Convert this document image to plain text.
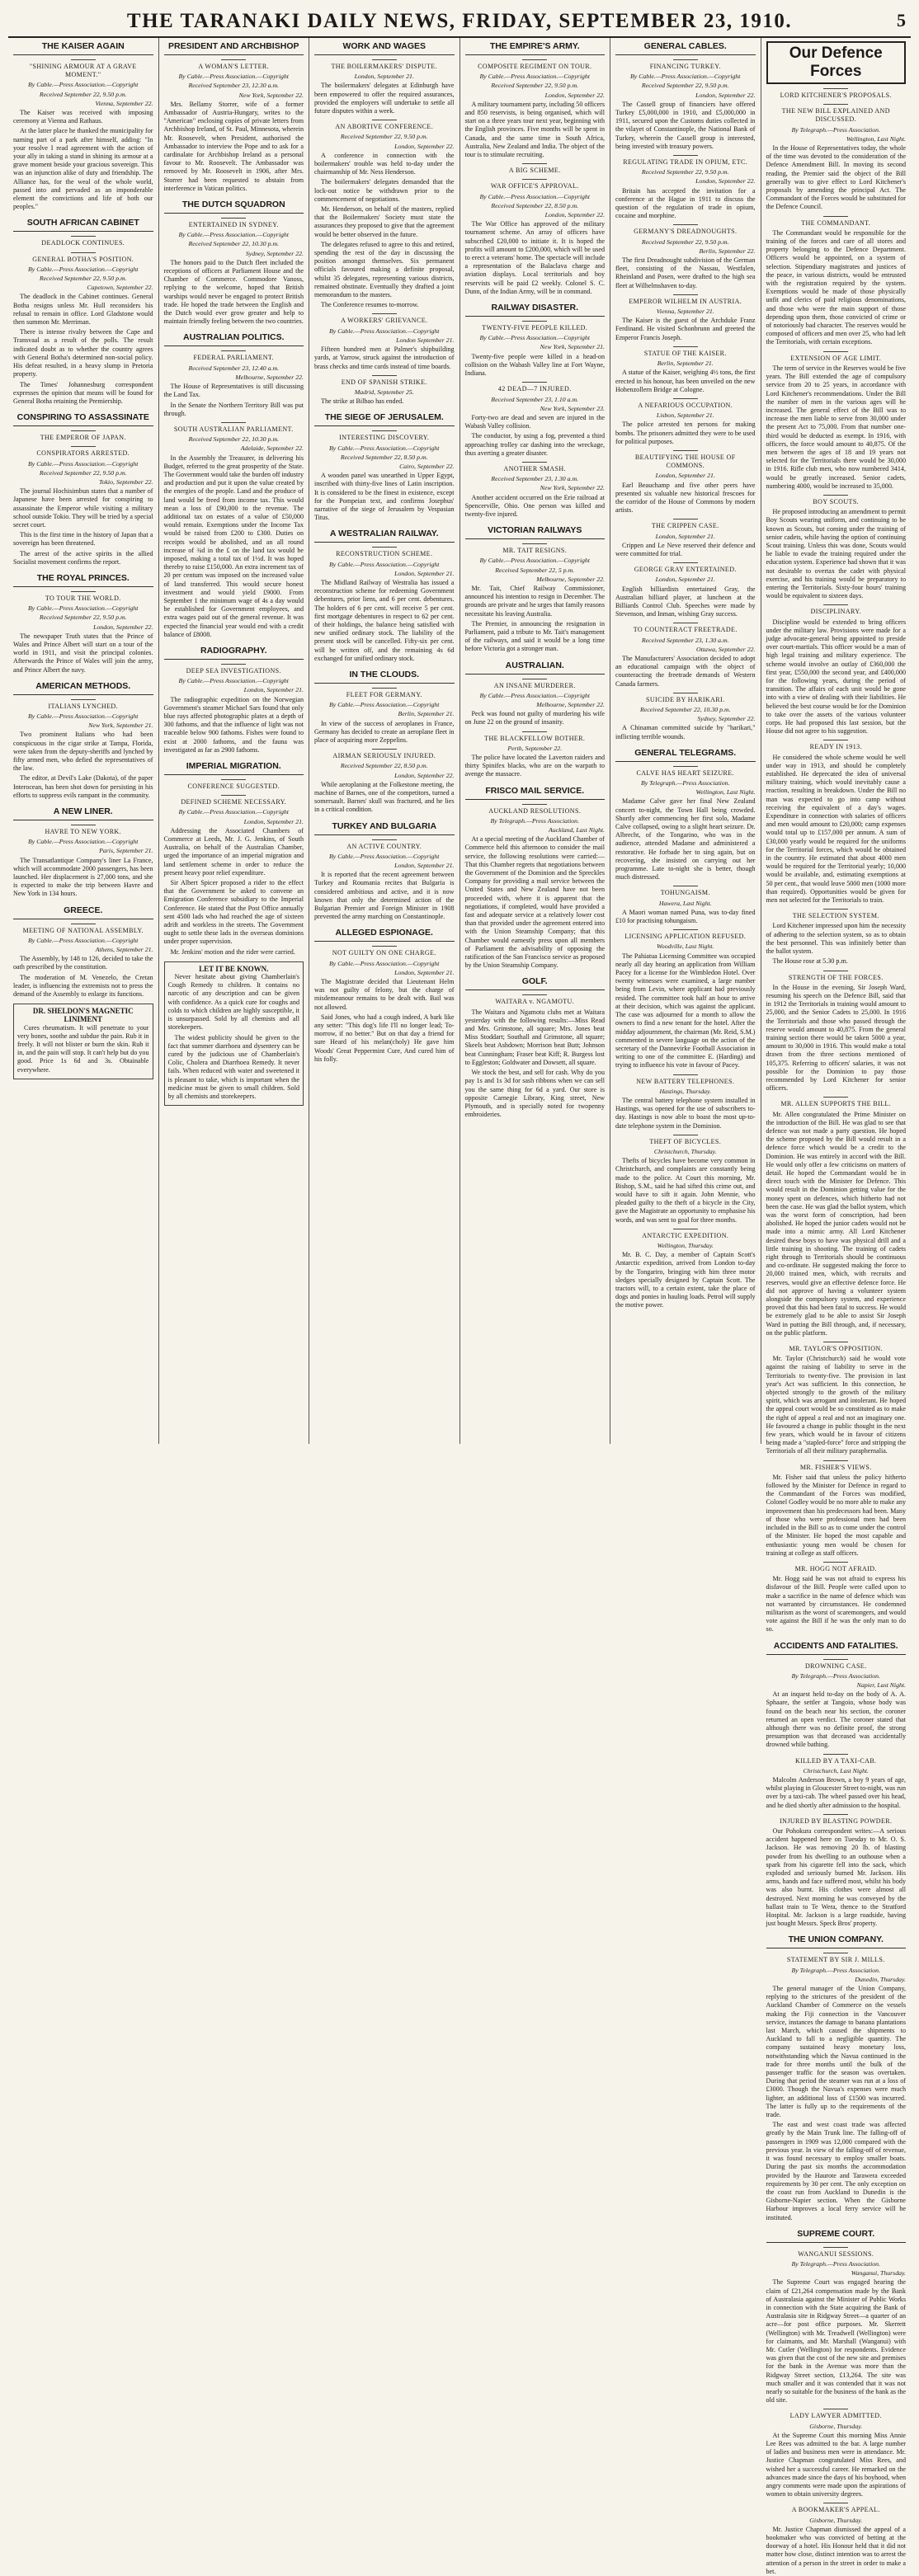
THE TARANAKI DAILY NEWS, FRIDAY, SEPTEMBER 23, 1910.	5
THE KAISER AGAIN
"SHINING ARMOUR AT A GRAVE MOMENT."
By Cable.—Press Association.—Copyright
Received September 22, 9.50 p.m.
Vienna, September 22.

The Kaiser was received with imposing ceremony at Vienna and Rathaus.

At the latter place he thanked the municipality for naming part of a park after himself, adding: "In your resolve I read agreement with the action of your ally in taking a stand in shining its armour at a grave moment beside your gracious sovereign. This was an injunction alike of duty and friendship. The Alliance has, for the weal of the whole world, passed into and pervaded as an imponderable element the convictions and life of both our peoples."

SOUTH AFRICAN CABINET
DEADLOCK CONTINUES.
GENERAL BOTHA'S POSITION.
By Cable.—Press Association.—Copyright
Received September 22, 9.50 p.m.
Capetown, September 22.

The deadlock in the Cabinet continues. General Botha resigns unless Mr. Hull reconsiders his refusal to remain in office. Lord Gladstone would then summon Mr. Merriman.

There is intense rivalry between the Cape and Transvaal as a result of the polls. The result indicated doubt as to whether the country agrees with General Botha's determined non-social policy. His defeat resulted, in a heavy slump in Pretoria property.

The Times' Johannesburg correspondent expresses the opinion that means will be found for General Botha retaining the Premiership.

CONSPIRING TO ASSASSINATE
THE EMPEROR OF JAPAN.
CONSPIRATORS ARRESTED.
By Cable.—Press Association.—Copyright
Received September 22, 9.50 p.m.
Tokio, September 22.

The journal Hochisimbun states that a number of Japanese have been arrested for conspiring to assassinate the Emperor while visiting a military school outside Tokio. They will be tried by a special secret court.

This is the first time in the history of Japan that a sovereign has been threatened.

The arrest of the active spirits in the allied Socialist movement confirms the report.

THE ROYAL PRINCES.
TO TOUR THE WORLD.
By Cable.—Press Association.—Copyright
Received September 22, 9.50 p.m.
London, September 22.

The newspaper Truth states that the Prince of Wales and Prince Albert will start on a tour of the world in 1911, and visit the principal colonies. Afterwards the Prince of Wales will join the army, and Prince Albert the navy.

AMERICAN METHODS.
ITALIANS LYNCHED.
By Cable.—Press Association.—Copyright
New York, September 21.

Two prominent Italians who had been conspicuous in the cigar strike at Tampa, Florida, were taken from the deputy-sheriffs and lynched by fifty armed men, who defied the representatives of the law.

The editor, at Devil's Lake (Dakota), of the paper Interocean, has been shot down for persisting in his efforts to suppress evils rampant in the community.

A NEW LINER.
HAVRE TO NEW YORK.
By Cable.—Press Association.—Copyright
Paris, September 21.

The Transatlantique Company's liner La France, which will accommodate 2000 passengers, has been launched. Her displacement is 27,000 tons, and she is expected to make the trip between Havre and New York in 134 hours.

GREECE.
MEETING OF NATIONAL ASSEMBLY.
By Cable.—Press Association.—Copyright
Athens, September 21.

The Assembly, by 148 to 126, decided to take the oath prescribed by the constitution.

The moderation of M. Venezelo, the Cretan leader, is influencing the extremists not to press the demand of the Assembly to enlarge its functions.

DR. SHELDON'S MAGNETIC LINIMENT

Cures rheumatism. It will penetrate to your very bones, soothe and subdue the pain. Rub it in freely. It will not blister or burn the skin. Rub it in, and the pain will stop. It can't help but do you good. Price 1s 6d and 3s. Obtainable everywhere.

PRESIDENT AND ARCHBISHOP
A WOMAN'S LETTER.
By Cable.—Press Association.—Copyright
Received September 23, 12.30 a.m.
New York, September 22.

Mrs. Bellamy Storrer, wife of a former Ambassador of Austria-Hungary, writes to the "American" enclosing copies of private letters from Archbishop Ireland, of St. Paul, Minnesota, wherein Mr. Roosevelt, when President, authorised the Ambassador to interview the Pope and to ask for a cardinalate for Archbishop Ireland as a personal favour to Mr. Roosevelt. The Ambassador was removed by Mr. Roosevelt in 1906, after Mrs. Storrer had been requested to abstain from interference in Vatican politics.

THE DUTCH SQUADRON
ENTERTAINED IN SYDNEY.
By Cable.—Press Association.—Copyright
Received September 22, 10.30 p.m.
Sydney, September 22.

The honors paid to the Dutch fleet included the receptions of officers at Parliament House and the Chamber of Commerce. Commodore Vanoss, replying to the welcome, hoped that British warships would never be engaged to protect British trade. He hoped the trade between the English and the Dutch would ever grow greater and help to maintain friendly feeling between the two countries.

AUSTRALIAN POLITICS.
FEDERAL PARLIAMENT.
Received September 23, 12.40 a.m.
Melbourne, September 22.

The House of Representatives is still discussing the Land Tax.

In the Senate the Northern Territory Bill was put through.

SOUTH AUSTRALIAN PARLIAMENT.
Received September 22, 10.30 p.m.
Adelaide, September 22.

In the Assembly the Treasurer, in delivering his Budget, referred to the great prosperity of the State. The Government would take the burden off industry and production and put it upon the value created by the energies of the people. Land and the produce of land would be freed from income tax. This would mean a loss of £90,000 to the revenue. The additional tax on estates of a value of £50,000 would remain. Exemptions under the Income Tax would be raised from £200 to £300. Duties on receipts would be abolished, and an all round increase of ¾d in the £ on the land tax would be imposed, making a total tax of 1½d. It was hoped thereby to raise £150,000. An extra increment tax of 20 per centum was imposed on the increased value of land transferred. This would secure honest investment and would yield £9000. From September 1 the minimum wage of 4s a day would be established for Government employees, and extra wages paid out of the general revenue. It was expected the financial year would end with a credit balance of £8008.

RADIOGRAPHY.
DEEP SEA INVESTIGATIONS.
By Cable.—Press Association.—Copyright
London, September 21.

The radiographic expedition on the Norwegian Government's steamer Michael Sars found that only blue rays affected photographic plates at a depth of 300 fathoms, and that the influence of light was not traceable below 900 fathoms. Fishes were found to exist at 2000 fathoms, and the fauna was investigated as far as 2900 fathoms.

IMPERIAL MIGRATION.
CONFERENCE SUGGESTED.
DEFINED SCHEME NECESSARY.
By Cable.—Press Association.—Copyright
London, September 21.

Addressing the Associated Chambers of Commerce at Leeds, Mr. J. G. Jenkins, of South Australia, on behalf of the Australian Chamber, urged the importance of an imperial migration and land settlement scheme in order to reduce the present heavy poor relief expenditure.

Sir Albert Spicer proposed a rider to the effect that the Government be asked to convene an Emigration Conference subsidiary to the Imperial Conference. He stated that the Post Office annually sent 4500 lads who had reached the age of sixteen adrift and workless in the streets. The Government ought to settle these lads in the overseas dominions under proper supervision.

Mr. Jenkins' motion and the rider were carried.

LET IT BE KNOWN.

Never hesitate about giving Chamberlain's Cough Remedy to children. It contains no narcotic of any description and can be given with confidence. As a quick cure for coughs and colds to which children are highly susceptible, it is unsurpassed. Sold by all chemists and all storekeepers.

The widest publicity should be given to the fact that summer diarrhoea and dysentery can be cured by the judicious use of Chamberlain's Colic, Cholera and Diarrhoea Remedy. It never fails. When reduced with water and sweetened it is pleasant to take, which is important when the medicine must be given to small children. Sold by all chemists and storekeepers.

WORK AND WAGES
THE BOILERMAKERS' DISPUTE.
London, September 21.

The boilermakers' delegates at Edinburgh have been empowered to offer the required assurances, provided the employers will undertake to settle all future disputes within a week.

AN ABORTIVE CONFERENCE.
Received September 22, 9.50 p.m.
London, September 22.

A conference in connection with the boilermakers' trouble was held to-day under the chairmanship of Mr. Ness Henderson.

The boilermakers' delegates demanded that the lock-out notice be withdrawn prior to the commencement of negotiations.

Mr. Henderson, on behalf of the masters, replied that the Boilermakers' Society must state the assurances they proposed to give that the agreement would be better observed in the future.

The delegates refused to agree to this and retired, spending the rest of the day in discussing the position amongst themselves. Six permanent officials favoured making a definite proposal, whilst 35 delegates, representing various districts, remained obstinate. Eventually they drafted a joint memorandum to the masters.

The Conference resumes to-morrow.

A WORKERS' GRIEVANCE.
By Cable.—Press Association.—Copyright
London September 21.

Fifteen hundred men at Palmer's shipbuilding yards, at Yarrow, struck against the introduction of brass checks and time cards instead of time boards.

END OF SPANISH STRIKE.
Madrid, September 25.

The strike at Bilbao has ended.

THE SIEGE OF JERUSALEM.
INTERESTING DISCOVERY.
By Cable.—Press Association.—Copyright
Received September 22, 8.50 p.m.
Cairo, September 22.

A wooden panel was unearthed in Upper Egypt, inscribed with thirty-five lines of Latin inscription. It is considered to be the finest in existence, except for the Pompeian text, and confirms Josephus' narrative of the siege of Jerusalem by Vespasian Titus.

A WESTRALIAN RAILWAY.
RECONSTRUCTION SCHEME.
By Cable.—Press Association.—Copyright
London, September 21.

The Midland Railway of Westralia has issued a reconstruction scheme for redeeming Government debentures, prior liens, and 6 per cent. debentures. The holders of 6 per cent. will receive 5 per cent. first mortgage debentures in respect to 62 per cent. of their holdings, the balance being satisfied with new unified ordinary stock. The liability of the present stock will be cancelled. Fifty-six per cent. will be written off, and the remaining 4s 6d exchanged for unified ordinary stock.

IN THE CLOUDS.
FLEET FOR GERMANY.
By Cable.—Press Association.—Copyright
Berlin, September 21.

In view of the success of aeroplanes in France, Germany has decided to create an aeroplane fleet in place of acquiring more Zeppelins.

AIRMAN SERIOUSLY INJURED.
Received September 22, 8.50 p.m.
London, September 22.

While aeroplaning at the Folkestone meeting, the machine of Barnes, one of the competitors, turned a somersault. Barnes' skull was fractured, and he lies in a critical condition.

TURKEY AND BULGARIA
AN ACTIVE COUNTRY.
By Cable.—Press Association.—Copyright
London, September 21.

It is reported that the recent agreement between Turkey and Roumania recites that Bulgaria is considered ambitious and active, and it is now known that only the determined action of the Bulgarian Premier and Foreign Minister in 1908 prevented the army marching on Constantinople.

ALLEGED ESPIONAGE.
NOT GUILTY ON ONE CHARGE.
By Cable.—Press Association.—Copyright
London, September 21.

The Magistrate decided that Lieutenant Helm was not guilty of felony, but the charge of misdemeanour remains to be dealt with. Bail was not allowed.

Said Jones, who had a cough indeed, A bark like any setter: "This dog's life I'll no longer lead; To-morrow, if no better." But on that day a friend for sure Heard of his melan(choly) He gave him Woods' Great Peppermint Cure, And cured him of his folly.

THE EMPIRE'S ARMY.
COMPOSITE REGIMENT ON TOUR.
By Cable.—Press Association.—Copyright
Received September 22, 9.50 p.m.
London, September 22.

A military tournament party, including 50 officers and 850 reservists, is being organised, which will start on a three years tour next year, beginning with the English provinces. Five months will be spent in Canada, and the same time in South Africa, Australia, New Zealand and India. The object of the tour is to stimulate recruiting.

A BIG SCHEME.
WAR OFFICE'S APPROVAL.
By Cable.—Press Association.—Copyright
Received September 22, 8.50 p.m.
London, September 22.

The War Office has approved of the military tournament scheme. An array of officers have subscribed £20,000 to initiate it. It is hoped the profits will amount to £200,000, which will be used to erect a veterans' home. The spectacle will include a representation of the Balaclava charge and aviation displays. Local territorials and boy reservists will be paid £2 weekly. Colonel S. C. Dunn, of the Indian Army, will be in command.

RAILWAY DISASTER.
TWENTY-FIVE PEOPLE KILLED.
By Cable.—Press Association.—Copyright
New York, September 21.

Twenty-five people were killed in a head-on collision on the Wabash Valley line at Fort Wayne, Indiana.

42 DEAD—7 INJURED.
Received September 23, 1.10 a.m.
New York, September 23.

Forty-two are dead and seven are injured in the Wabash Valley collision.

The conductor, by using a fog, prevented a third approaching trolley car dashing into the wreckage, thus averting a greater disaster.

ANOTHER SMASH.
Received September 23, 1.30 a.m.
New York, September 22.

Another accident occurred on the Erie railroad at Spencerville, Ohio. One person was killed and twenty-five injured.

VICTORIAN RAILWAYS
MR. TAIT RESIGNS.
By Cable.—Press Association.—Copyright
Received September 22, 5 p.m.
Melbourne, September 22.

Mr. Tait, Chief Railway Commissioner, announced his intention to resign in December. The grounds are private and he urges that family reasons necessitate his leaving Australia.

The Premier, in announcing the resignation in Parliament, paid a tribute to Mr. Tait's management of the railways, and said it would be a long time before Victoria got a stronger man.

AUSTRALIAN.
AN INSANE MURDERER.
By Cable.—Press Association.—Copyright
Melbourne, September 22.

Peck was found not guilty of murdering his wife on June 22 on the ground of insanity.

THE BLACKFELLOW BOTHER.
Perth, September 22.

The police have located the Laverton raiders and thirty Spinifex blacks, who are on the warpath to avenge the massacre.

FRISCO MAIL SERVICE.
AUCKLAND RESOLUTIONS.
By Telegraph.—Press Association.
Auckland, Last Night.

At a special meeting of the Auckland Chamber of Commerce held this afternoon to consider the mail service, the following resolutions were carried:—That this Chamber regrets that negotiations between the Government of the Dominion and the Spreckles Company for providing a mail service between the United States and New Zealand have not been proceeded with, where it is apparent that the negotiations, if completed, would have provided a fast and adequate service at a relatively lower cost than that provided under the agreement entered into with the Union Steamship Company; that this Chamber would earnestly press upon all members of Parliament the advisability of opposing the ratification of the San Francisco service as proposed by the Union Steamship Company.

GOLF.
WAITARA v. NGAMOTU.

The Waitara and Ngamotu clubs met at Waitara yesterday with the following results:—Miss Read and Mrs. Grimstone, all square; Mrs. Jones beat Miss Stoddart; Southall and Grimstone, all square; Skeels beat Ashdown; Morrison beat Butt; Johnson beat Cunningham; Fraser beat Kiff; R. Burgess lost to Eggleston; Goldwater and Dowsett, all square.

We stock the best, and sell for cash. Why do you pay 1s and 1s 3d for sash ribbons when we can sell you the same thing for 6d a yard. Our store is opposite Carnegie Library, King street, New Plymouth, and is specially noted for twopenny embroideries.

GENERAL CABLES.
FINANCING TURKEY.
By Cable.—Press Association.—Copyright
Received September 22, 9.50 p.m.
London, September 22.

The Cassell group of financiers have offered Turkey £5,000,000 in 1910, and £5,000,000 in 1911, secured upon the Customs duties collected in the vilayet of Constantinople, the National Bank of Turkey, wherein the Cassell group is interested, being invested with treasury powers.

REGULATING TRADE IN OPIUM, ETC.
Received September 22, 9.50 p.m.
London, September 22.

Britain has accepted the invitation for a conference at the Hague in 1911 to discuss the question of the regulation of trade in opium, cocaine and morphine.

GERMANY'S DREADNOUGHTS.
Received September 22, 9.50 p.m.
Berlin, September 22.

The first Dreadnought subdivision of the German fleet, consisting of the Nassau, Westfalen, Rheinland and Posen, were drafted to the high sea fleet at Wilhelmshaven to-day.

EMPEROR WILHELM IN AUSTRIA.
Vienna, September 21.

The Kaiser is the guest of the Archduke Franz Ferdinand. He visited Schonbrunn and greeted the Emperor Francis Joseph.

STATUE OF THE KAISER.
Berlin, September 21.

A statue of the Kaiser, weighing 4½ tons, the first erected in his honour, has been unveiled on the new Hohenzollern Bridge at Cologne.

A NEFARIOUS OCCUPATION.
Lisbon, September 21.

The police arrested ten persons for making bombs. The prisoners admitted they were to be used for political purposes.

BEAUTIFYING THE HOUSE OF COMMONS.
London, September 21.

Earl Beauchamp and five other peers have presented six valuable new historical frescoes for the corridor of the House of Commons by modern artists.

THE CRIPPEN CASE.
London, September 21.

Crippen and Le Neve reserved their defence and were committed for trial.

GEORGE GRAY ENTERTAINED.
London, September 21.

English billiardists entertained Gray, the Australian billiard player, at luncheon at the Billiards Control Club. Speeches were made by Stevenson, and Inman, wishing Gray success.

TO COUNTERACT FREETRADE.
Received September 23, 1.30 a.m.
Ottawa, September 22.

The Manufacturers' Association decided to adopt an educational campaign with the object of counteracting the freetrade demands of Western Canada farmers.

SUICIDE BY HARIKARI.
Received September 22, 10.30 p.m.
Sydney, September 22.

A Chinaman committed suicide by "harikari," inflicting terrible wounds.

GENERAL TELEGRAMS.
CALVE HAS HEART SEIZURE.
By Telegraph.—Press Association.
Wellington, Last Night.

Madame Calve gave her final New Zealand concert to-night, the Town Hall being crowded. Shortly after commencing her first solo, Madame Calve collapsed, owing to a slight heart seizure. Dr. Albrecht, of the Tongarino, who was in the audience, attended Madame and administered a restorative. He forbade her to sing again, but on recovering, she insisted on carrying out her programme. Late to-night she is better, though much distressed.

TOHUNGAISM.
Hawera, Last Night.

A Maori woman named Puna, was to-day fined £10 for practising tohungaism.

LICENSING APPLICATION REFUSED.
Woodville, Last Night.

The Pahiatua Licensing Committee was occupied nearly all day hearing an application from William Pacey for a license for the Wimbledon Hotel. Over twenty witnesses were examined, a large number being from Levin, where applicant had previously resided. The committee took half an hour to arrive at their decision, which was against the applicant. The case was adjourned for a month to allow the owners to find a new tenant for the hotel. After the midday adjournment, the chairman (Mr. Reid, S.M.) commented in severe language on the action of the secretary of the Dannevirke Football Association in writing to one of the committee E. (Harding) and trying to influence his vote in favour of Pacey.

NEW BATTERY TELEPHONES.
Hastings, Thursday.

The central battery telephone system installed in Hastings, was opened for the use of subscribers to-day. Hastings is now able to boast the most up-to-date telephone system in the Dominion.

THEFT OF BICYCLES.
Christchurch, Thursday.

Thefts of bicycles have become very common in Christchurch, and complaints are constantly being made to the police. At Court this morning, Mr. Bishop, S.M., said he had sifted this crime out, and would have to sift it again. John Mennie, who pleaded guilty to the theft of a bicycle in the City, gave the Magistrate an opportunity to emphasise his words, and was sent to goal for three months.

ANTARCTIC EXPEDITION.
Wellington, Thursday.

Mr. B. C. Day, a member of Captain Scott's Antarctic expedition, arrived from London to-day by the Tongariro, bringing with him three motor sledges specially designed by Captain Scott. The tractors will, to a certain extent, take the place of dogs and ponies in hauling loads. Petrol will supply the motive power.

Our Defence Forces
LORD KITCHENER'S PROPOSALS.
THE NEW BILL EXPLAINED AND DISCUSSED.
By Telegraph.—Press Association.
Wellington, Last Night.

In the House of Representatives today, the whole of the time was devoted to the consideration of the Defence Amendment Bill. In moving its second reading, the Premier said the object of the Bill generally was to give effect to Lord Kitchener's proposals by amending the principal Act. The Commandant of the Forces would be substituted for the Defence Council.

THE COMMANDANT.

The Commandant would be responsible for the training of the forces and care of all stores and property belonging to the Defence Department. Officers would be appointed, on a system of selection. Stipendiary magistrates and justices of the peace, in various districts, would be entrusted with the registration required by the system. Exemptions would be made of those physically unfit and clerics of paid religious denominations, and those who were the main support of those depending upon them, those convicted of crime or of notoriously bad character. The reserves would be composed of officers and men over 25, who had left the Territorials, with certain exceptions.

EXTENSION OF AGE LIMIT.

The term of service in the Reserves would be five years. The Bill extended the age of compulsory service from 20 to 25 years, in accordance with Lord Kitchener's recommendations. Under the Bill the number of men in the various ages will be increased. The general effect of the Bill was to increase the men liable to serve from 30,000 under the present Act to 75,000. From that number one-third would be deducted as exempt. In 1916, with officers, the force would amount to 40,875. Of the men between the ages of 18 and 19 years not selected for the Territorials there would be 30,000 in 1916. Rifle club men, who now numbered 3414, would be greatly increased. Senior cadets, numbering 4000, would be increased to 35,000.

BOY SCOUTS.

He proposed introducing an amendment to permit Boy Scouts wearing uniform, and continuing to be known as Scouts, but coming under the training of senior cadets, while having the option of continuing Scout training. Unless this was done, Scouts would be liable to evade the training required under the education system. Experience had shown that it was not desirable to overtax the cadet with physical exercise, and his training would be preparatory to entering the Territorials. Sixty-four hours' training would be equivalent to sixteen days.

DISCIPLINARY.

Discipline would be extended to bring officers under the military law. Provisions were made for a judge advocate-general being appointed to preside over court-martials. This officer would be a man of high legal training and military experience. The scheme would involve an outlay of £360,000 the first year, £550,000 the second year, and £400,000 for the following years, during the period of transition. The affairs of each unit would be gone into with a view of dealing with their liabilities. He believed the best course would be for the Dominion to take over the assets of the various volunteer corps. He had proposed this last session, but the House did not agree to his suggestion.

READY IN 1913.

He considered the whole scheme would be well under way in 1913, and should be completely established. He deprecated the idea of universal military training, which would inevitably cause a reaction, resulting in breakdown. Under the Bill no man was expected to go into camp without receiving the equivalent of a day's wages. Expenditure in connection with salaries of officers and men would amount to £20,000; camp expenses would total up to £157,000 per annum. A sum of £30,000 yearly would be required for the uniforms for the Territorial forces, which would be obtained in the country. He estimated that about 4000 men would be required for the Territorial yearly; 10,000 would be available, and, estimating exemptions at 50 per cent., that would leave 5000 men (1000 more than required). Opportunities would be given for men not selected for the Territorials to train.

THE SELECTION SYSTEM.

Lord Kitchener impressed upon him the necessity of adhering to the selection system, so as to obtain the best personnel. This was infinitely better than the ballot system.

The House rose at 5.30 p.m.

STRENGTH OF THE FORCES.

In the House in the evening, Sir Joseph Ward, resuming his speech on the Defence Bill, said that in 1912 the Territorials in training would amount to 25,000, and the Senior Cadets to 25,000. In 1916 the Territorials and those who passed through the reserve would amount to 40,875. From the general training section there would be taken 5000 a year, amount to 30,000 in 1916. This would make a total drawn from the three sections mentioned of 105,375. Referring to officers' salaries, it was not possible for the Dominion to pay those recommended by Lord Kitchener for senior officers.

MR. ALLEN SUPPORTS THE BILL.

Mr. Allen congratulated the Prime Minister on the introduction of the Bill. He was glad to see that defence was not made a party question. He hoped the scheme proposed by the Bill would result in a defence force which would be a credit to the Dominion. He was entirely in accord with the Bill. He would only offer a few criticisms on matters of detail. He hoped the Commandant would be in direct touch with the Minister for Defence. This would result in the Dominion getting value for the money spent on defences, which hitherto had not been the case. He was glad the ballot system, which was the worst form of conscription, had been abolished. He hoped the junior cadets would not be made into a mimic army. All Lord Kitchener desired these boys to have was physical drill and a little training in shooting. The training of cadets right through to Territorials should be continuous and co-ordinate. He suggested making the force to 20,000 trained men, which, with recruits and reserves, would give an effective defence force. He did not approve of having a volunteer system alongside the compulsory system, and experience proved that this had been fatal to success. He would be extremely glad to be able to assist Sir Joseph Ward in putting the Bill through, and, if necessary, on the public platform.

MR. TAYLOR'S OPPOSITION.

Mr. Taylor (Christchurch) said he would vote against the raising of liability to serve in the Territorials to twenty-five. The provision in last year's Act was sufficient. In this connection, he objected strongly to the growth of the military spirit, which was arrogant and intolerant. He hoped the appeal court would be so constituted as to make the right of appeal a real and not an imaginary one. He favoured a change in public thought in the next few years, which would be in favour of citizens being made a "stapled-force" force and stripping the Territorials of all their military paraphernalia.

MR. FISHER'S VIEWS.

Mr. Fisher said that unless the policy hitherto followed by the Minister for Defence in regard to the Commandant of the Forces was modified, Colonel Godley would be no more able to make any improvement than his predecessors had been. Many of those who were professional men had been included in the Bill so as to come under the control of the Minister. He hoped the most capable and enthusiastic young men would be chosen for training at college as staff officers.

MR. HOGG NOT AFRAID.

Mr. Hogg said he was not afraid to express his disfavour of the Bill. People were called upon to make a sacrifice in the name of defence which was not warranted by circumstances. He condemned militarism as the worst of scaremongers, and would vote against the Bill if he was the only man to do so.

ACCIDENTS AND FATALITIES.
DROWNING CASE.
By Telegraph.—Press Association.
Napier, Last Night.

At an inquest held to-day on the body of A. A. Sphaare, the settler at Tangoio, whose body was found on the beach near his section, the coroner returned an open verdict. The coroner stated that although there was no definite proof, the strong presumption was that deceased was accidentally drowned while bathing.

KILLED BY A TAXI-CAB.
Christchurch, Last Night.

Malcolm Anderson Brown, a boy 9 years of age, whilst playing in Gloucester Street to-night, was run over by a taxi-cab. The wheel passed over his head, and he died shortly after admission to the hospital.

INJURED BY BLASTING POWDER.

Our Pohokura correspondent writes:—A serious accident happened here on Tuesday to Mr. O. S. Jackson. He was removing 20 lb. of blasting powder from his dwelling to an outhouse when a spark from his cigarette fell into the sack, which exploded and seriously burned Mr. Jackson. His arms, hands and face suffered most, whilst his body was also burnt. His clothes were almost all destroyed. Next morning he was conveyed by the ballast train to Te Wera, thence to the Stratford Hospital. Mr. Jackson is a large roadside, having just bought Messrs. Speck Bros' property.

THE UNION COMPANY.
STATEMENT BY SIR J. MILLS.
By Telegraph.—Press Association.
Dunedin, Thursday.

The general manager of the Union Company, replying to the strictures of the president of the Auckland Chamber of Commerce on the vessels making the Fiji connection in the Vancouver service, instances the damage to banana plantations last March, which caused the shipments to Auckland to fall to a negligible quantity. The company sustained heavy monetary loss, notwithstanding which the Navua continued in the trade for three months until the bulk of the passenger traffic for the season was overtaken. During that period the steamer was run at a loss of £3000. Though the Navua's expenses were much lighter, an additional loss of £1500 was incurred. The latter is fully up to the requirements of the trade.

The east and west coast trade was affected greatly by the Main Trunk line. The falling-off of passengers in 1909 was 12,000 compared with the previous year. In view of the falling-off of revenue, it was found necessary to employ smaller boats. During the past six months the accommodation provided by the Haurote and Tarawera exceeded requirements by 30 per cent. The only exception on the coast run from Auckland to Dunedin is the Gisborne-Napier section. When the Gisborne Harbour improves a local ferry service will be instituted.

SUPREME COURT.
WANGANUI SESSIONS.
By Telegraph.—Press Association.
Wanganui, Thursday.

The Supreme Court was engaged hearing the claim of £21,264 compensation made by the Bank of Australasia against the Minister of Public Works in connection with the State acquiring the Bank of Australasia site in Ridgway Street—a quarter of an acre—for post office purposes. Mr. Skerrett (Wellington) with Mr. Treadwell (Wellington) were for claimants, and Mr. Marshall (Wanganui) with Mr. Cutler (Wellington) for respondents. Evidence was given that the cost of the new site and premises for the bank in the Avenue was more than the Ridgway Street section, £13,264. The site was much smaller and it was contended that it was not nearly so suitable for the business of the bank as the old site.

LADY LAWYER ADMITTED.
Gisborne, Thursday.

At the Supreme Court this morning Miss Annie Lee Rees was admitted to the bar. A large number of ladies and business men were in attendance. Mr. Justice Chapman congratulated Miss Rees, and wished her a successful career. He remarked on the advances made since the days of his boyhood, when angry comments were made upon the aspirations of women to obtain university degrees.

A BOOKMAKER'S APPEAL.
Gisborne, Thursday.

Mr. Justice Chapman dismissed the appeal of a bookmaker who was convicted of betting at the doorway of a hotel. His Honour held that it did not matter how close, distinct intention was to arrest the attention of a person in the street in order to make a bet.
